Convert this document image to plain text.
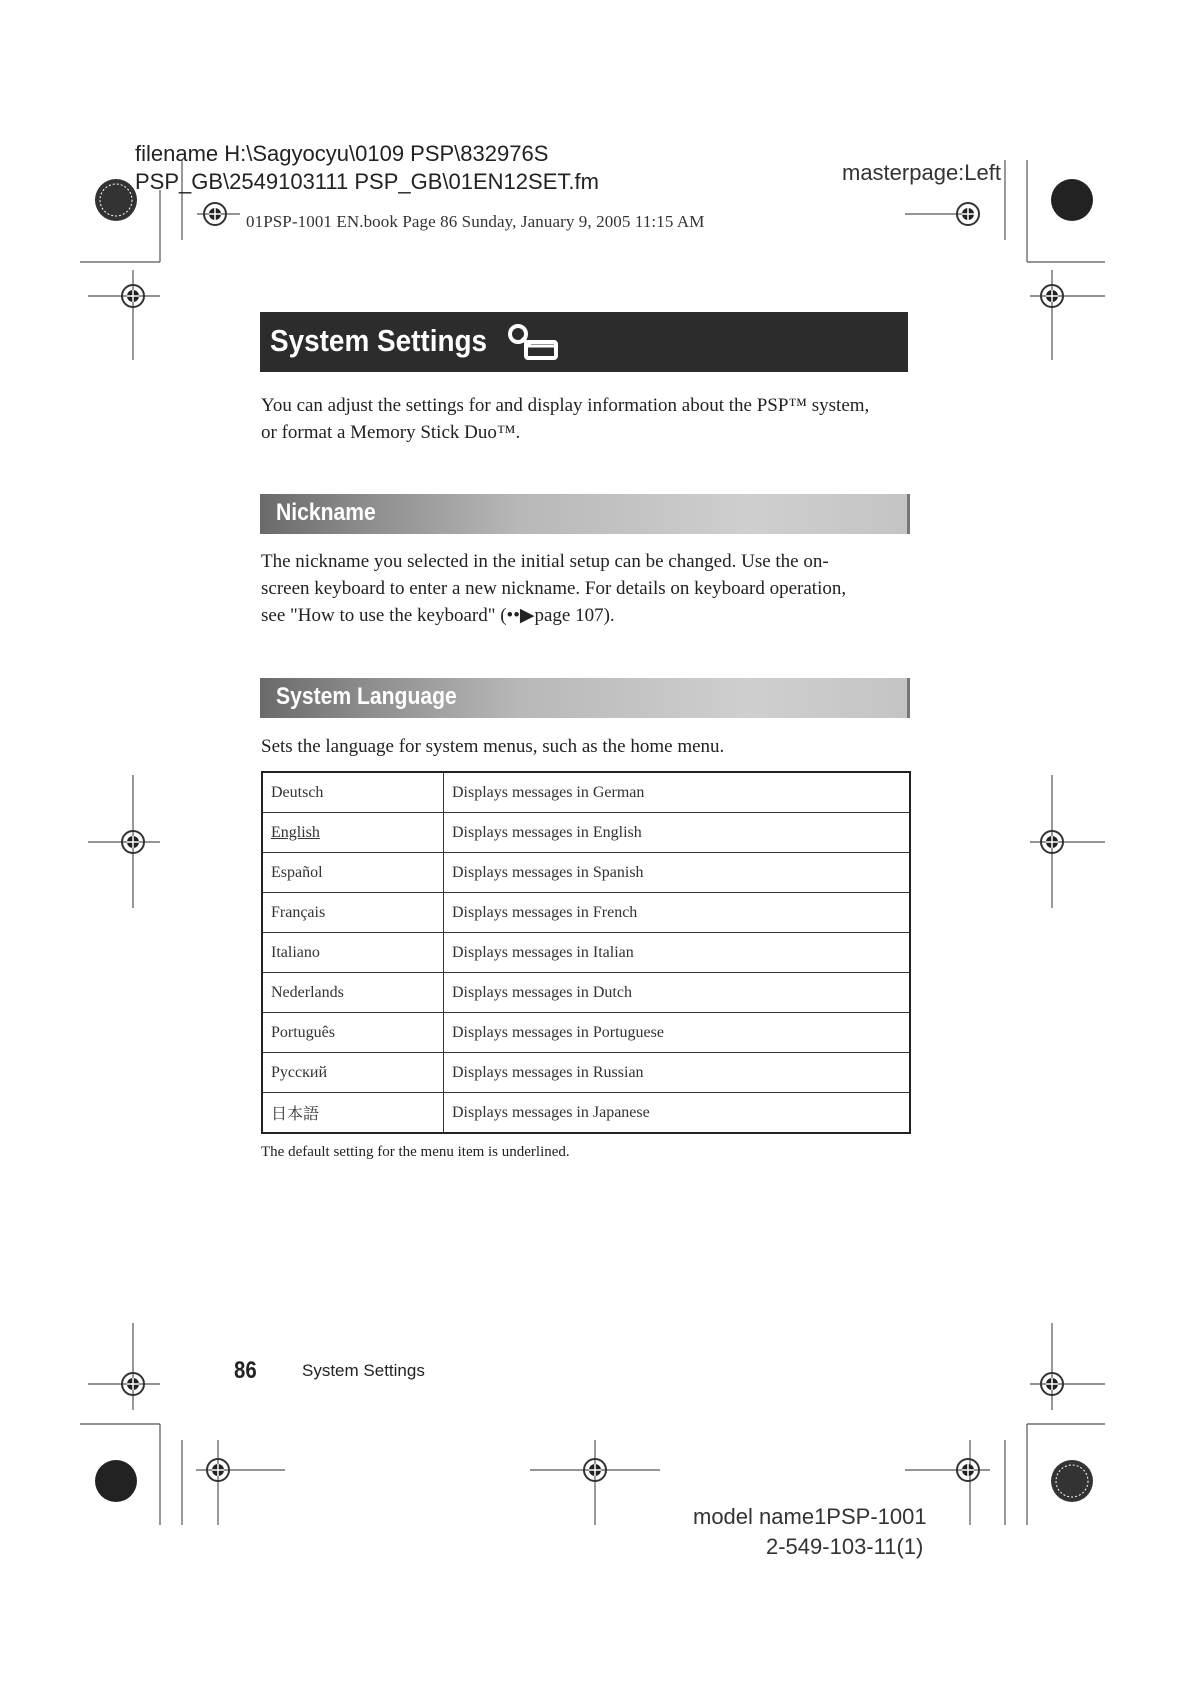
filename H:\Sagyocyu\0109 PSP\832976S
PSP_GB\2549103111 PSP_GB\01EN12SET.fm	masterpage:Left
01PSP-1001 EN.book Page 86 Sunday, January 9, 2005 11:15 AM
System Settings
You can adjust the settings for and display information about the PSP™ system,
or format a Memory Stick Duo™.
Nickname
The nickname you selected in the initial setup can be changed. Use the on-
screen keyboard to enter a new nickname. For details on keyboard operation,
see "How to use the keyboard" (••▶page 107).
System Language
Sets the language for system menus, such as the home menu.
Deutsch	Displays messages in German
English	Displays messages in English
Español	Displays messages in Spanish
Français	Displays messages in French
Italiano	Displays messages in Italian
Nederlands	Displays messages in Dutch
Português	Displays messages in Portuguese
Русский	Displays messages in Russian
日本語	Displays messages in Japanese
The default setting for the menu item is underlined.
86	System Settings
model name1PSP-1001
2-549-103-11(1)
